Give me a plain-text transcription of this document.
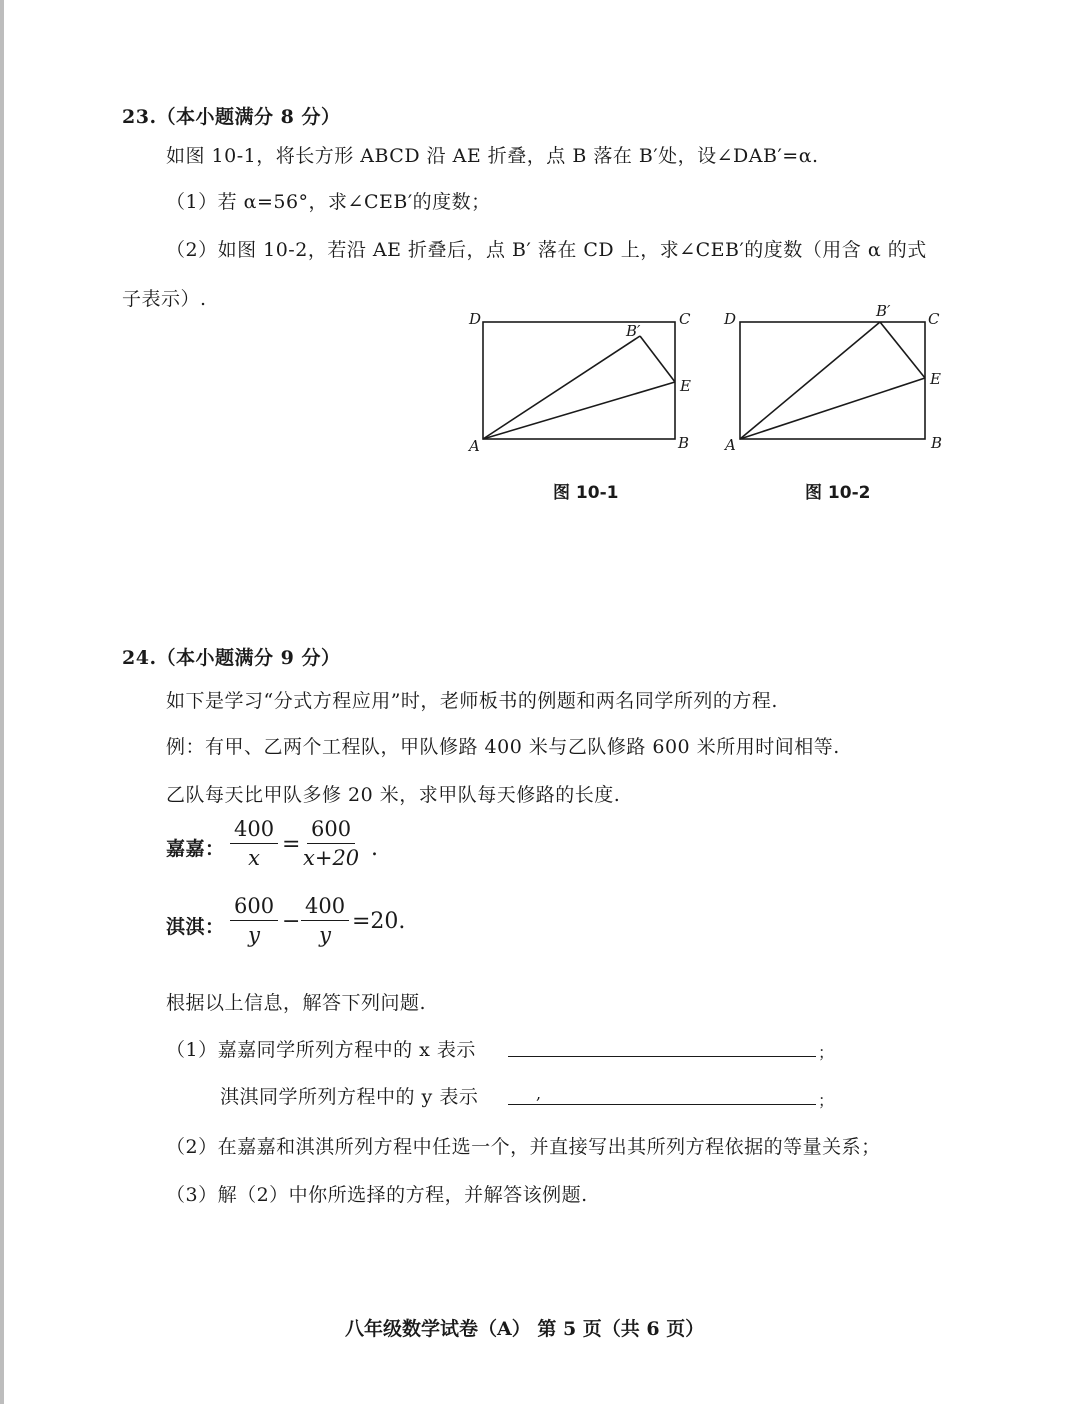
23.（本小题满分 8 分）
如图 10-1，将长方形 ABCD 沿 AE 折叠，点 B 落在 B′处，设∠DAB′=α.
（1）若 α=56°，求∠CEB′的度数；
（2）如图 10-2，若沿 AE 折叠后，点 B′ 落在 CD 上，求∠CEB′的度数（用含 α 的式
子表示）.
D	C
B′
E
A	B
图 10-1
D	C
B′
E
A	B
图 10-2
24.（本小题满分 9 分）
如下是学习“分式方程应用”时，老师板书的例题和两名同学所列的方程.
例：有甲、乙两个工程队，甲队修路 400 米与乙队修路 600 米所用时间相等.
乙队每天比甲队多修 20 米，求甲队每天修路的长度.
嘉嘉： $\frac{400}{x} = \frac{600}{x+20}$ .
淇淇： $\frac{600}{y} - \frac{400}{y} =20$.
根据以上信息，解答下列问题.
（1）嘉嘉同学所列方程中的 x 表示	；
淇淇同学所列方程中的 y 表示	,	；
（2）在嘉嘉和淇淇所列方程中任选一个，并直接写出其所列方程依据的等量关系；
（3）解（2）中你所选择的方程，并解答该例题.
八年级数学试卷（A） 第 5 页（共 6 页）
